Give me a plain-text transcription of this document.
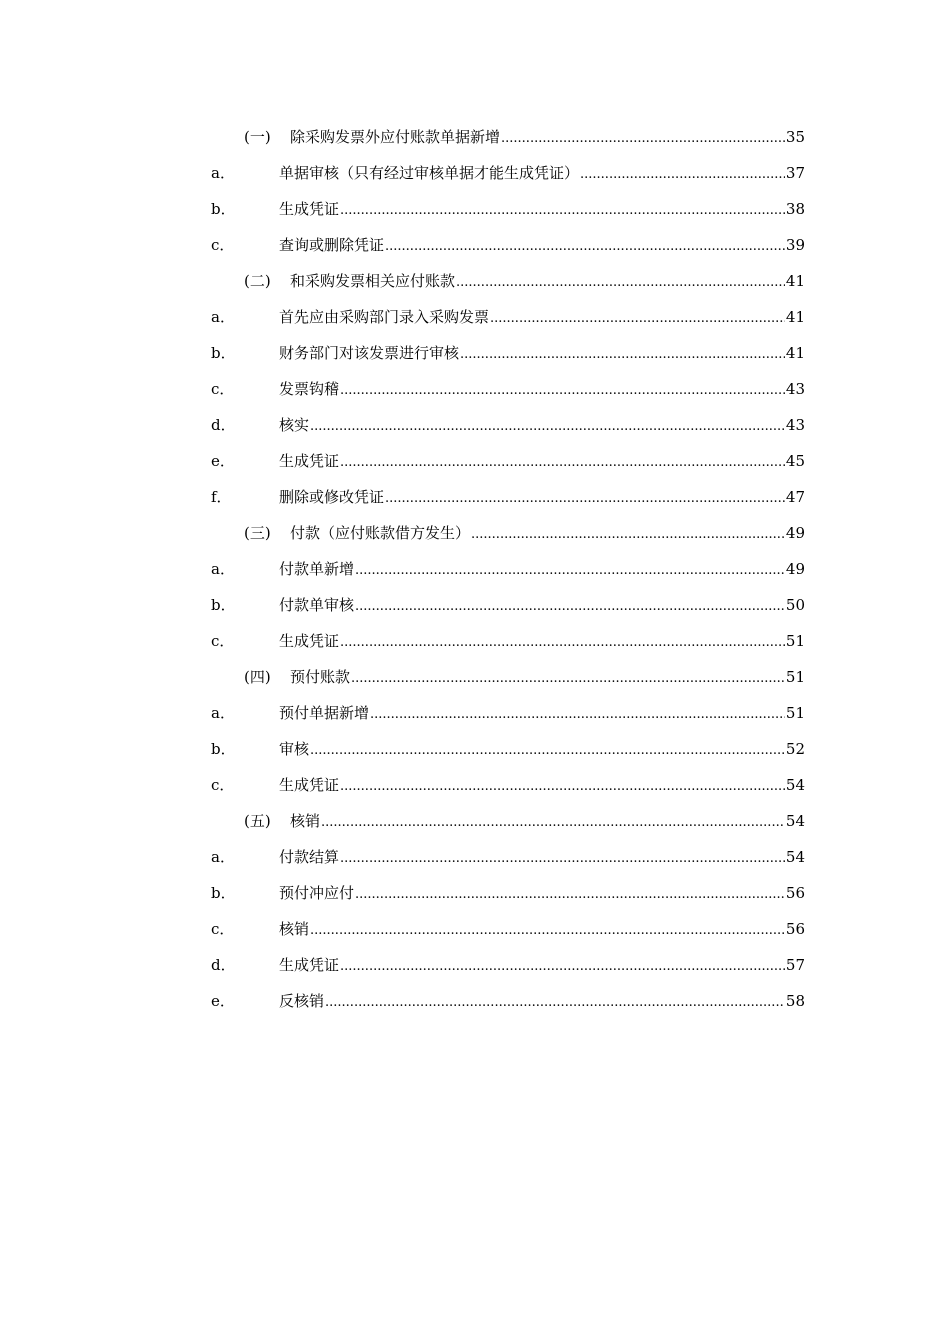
(一) 除采购发票外应付账款单据新增 .....	35
a．	单据审核（只有经过审核单据才能生成凭证） .....	37
b．	生成凭证 .....	38
c．	查询或删除凭证 .....	39
(二) 和采购发票相关应付账款 .....	41
a．	首先应由采购部门录入采购发票 .....	41
b．	财务部门对该发票进行审核 .....	41
c．	发票钩稽 .....	43
d．	核实 .....	43
e．	生成凭证 .....	45
f．	删除或修改凭证 .....	47
(三) 付款（应付账款借方发生） .....	49
a．	付款单新增 .....	49
b．	付款单审核 .....	50
c．	生成凭证 .....	51
(四) 预付账款 .....	51
a．	预付单据新增 .....	51
b．	审核 .....	52
c．	生成凭证 .....	54
(五) 核销 .....	54
a．	付款结算 .....	54
b．	预付冲应付 .....	56
c．	核销 .....	56
d．	生成凭证 .....	57
e．	反核销 .....	58
